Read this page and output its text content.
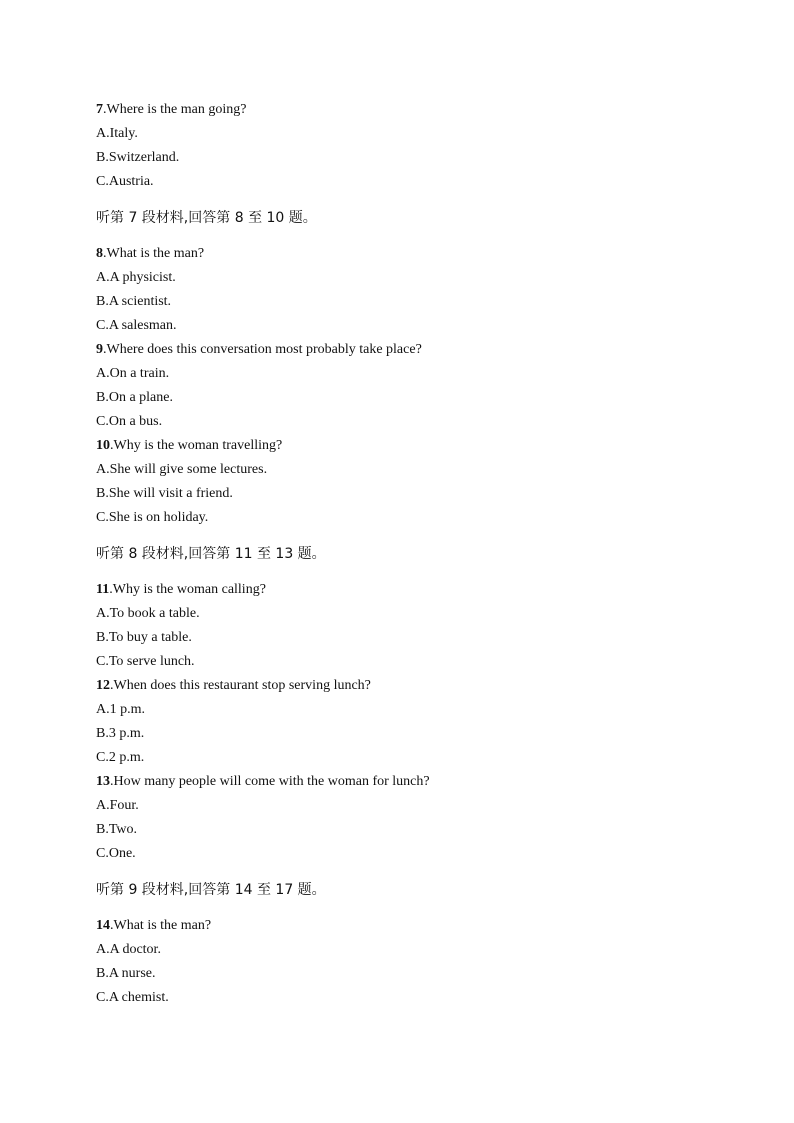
7.Where is the man going?
A.Italy.
B.Switzerland.
C.Austria.
听第 7 段材料,回答第 8 至 10 题。
8.What is the man?
A.A physicist.
B.A scientist.
C.A salesman.
9.Where does this conversation most probably take place?
A.On a train.
B.On a plane.
C.On a bus.
10.Why is the woman travelling?
A.She will give some lectures.
B.She will visit a friend.
C.She is on holiday.
听第 8 段材料,回答第 11 至 13 题。
11.Why is the woman calling?
A.To book a table.
B.To buy a table.
C.To serve lunch.
12.When does this restaurant stop serving lunch?
A.1 p.m.
B.3 p.m.
C.2 p.m.
13.How many people will come with the woman for lunch?
A.Four.
B.Two.
C.One.
听第 9 段材料,回答第 14 至 17 题。
14.What is the man?
A.A doctor.
B.A nurse.
C.A chemist.
